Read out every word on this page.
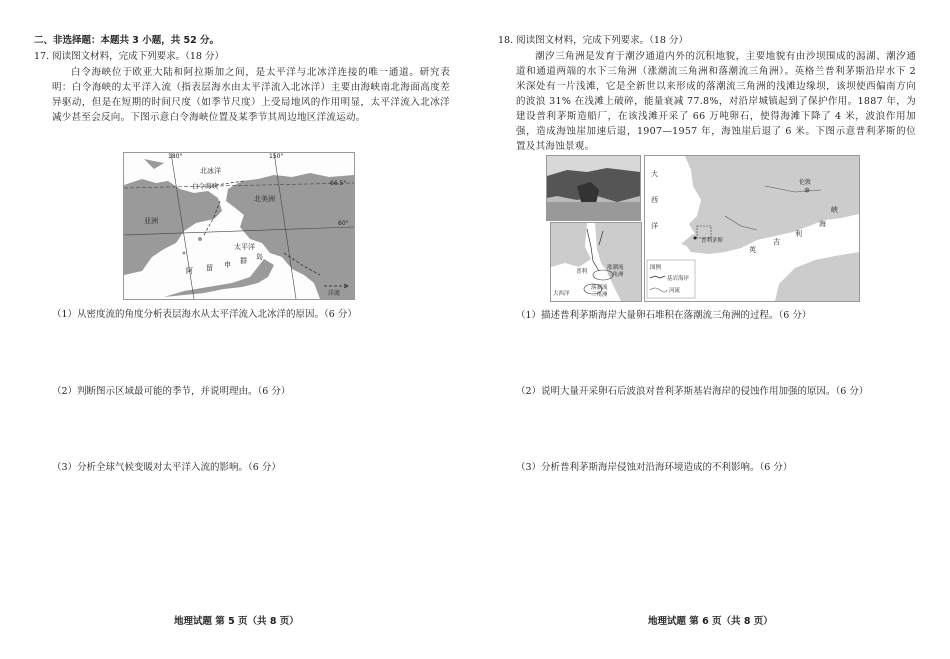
二、非选择题：本题共 3 小题，共 52 分。
17. 阅读图文材料，完成下列要求。（18 分）
白令海峡位于欧亚大陆和阿拉斯加之间，是太平洋与北冰洋连接的唯一通道。研究表明：白令海峡的太平洋入流（指表层海水由太平洋流入北冰洋）主要由海峡南北海面高度差异驱动，但是在短期的时间尺度（如季节尺度）上受局地风的作用明显，太平洋流入北冰洋减少甚至会反向。下图示意白令海峡位置及某季节其周边地区洋流运动。
180°	150°
66.5°
60°
北冰洋
白令海峡
北美洲
亚洲
太平洋
阿 留 申 群 岛
洋流
（1）从密度流的角度分析表层海水从太平洋流入北冰洋的原因。（6 分）
（2）判断图示区域最可能的季节，并说明理由。（6 分）
（3）分析全球气候变暖对太平洋入流的影响。（6 分）
地理试题 第 5 页（共 8 页）
18. 阅读图文材料，完成下列要求。（18 分）
潮汐三角洲是发育于潮汐通道内外的沉积地貌，主要地貌有由沙坝围成的潟湖、潮汐通道和通道两端的水下三角洲（涨潮流三角洲和落潮流三角洲）。英格兰普利茅斯沿岸水下 2 米深处有一片浅滩，它是全新世以来形成的落潮流三角洲的浅滩边缘坝，该坝使西偏南方向的波浪 31% 在浅滩上破碎，能量衰减 77.8%，对沿岸城镇起到了保护作用。1887 年，为建设普利茅斯造船厂，在该浅滩开采了 66 万吨卵石，使得海滩下降了 4 米，波浪作用加强，造成海蚀崖加速后退，1907—1957 年，海蚀崖后退了 6 米。下图示意普利茅斯的位置及其海蚀景观。
普利
涨潮流
三角洲
落潮流
三角洲
大西洋
大
西
洋
伦敦
普利茅斯
英
吉
利
海
峡
图例
基岩海岸
河流
（1）描述普利茅斯海岸大量卵石堆积在落潮流三角洲的过程。（6 分）
（2）说明大量开采卵石后波浪对普利茅斯基岩海岸的侵蚀作用加强的原因。（6 分）
（3）分析普利茅斯海岸侵蚀对沿海环境造成的不利影响。（6 分）
地理试题 第 6 页（共 8 页）
